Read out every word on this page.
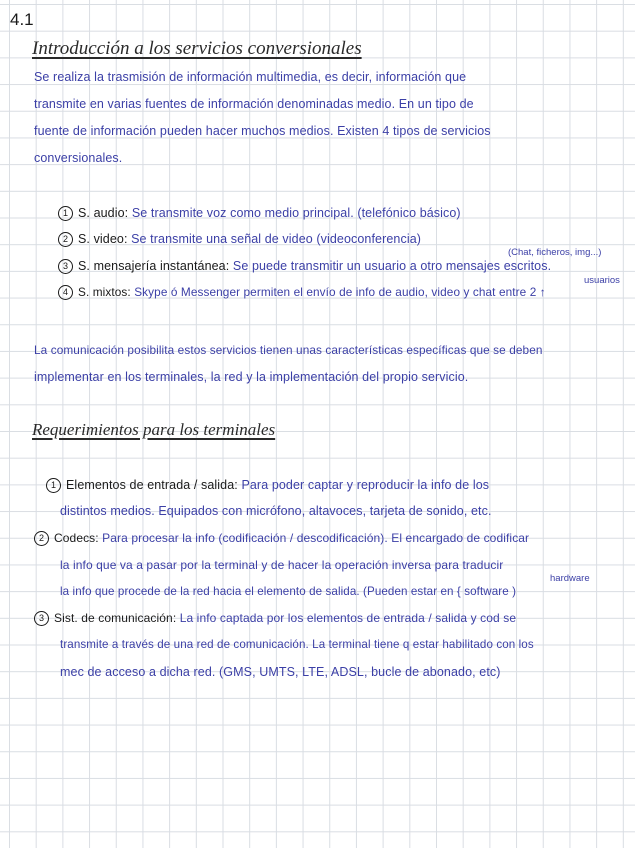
4.1
Introducción a los servicios conversionales
Se realiza la trasmisión de información multimedia, es decir, información que
transmite en varias fuentes de información denominadas medio. En un tipo de
fuente de información pueden hacer muchos medios. Existen 4 tipos de servicios
conversionales.
1 S. audio: Se transmite voz como medio principal. (telefónico básico)
2 S. video: Se transmite una señal de video (videoconferencia)
(Chat, ficheros, img...)
3 S. mensajería instantánea: Se puede transmitir un usuario a otro mensajes escritos.
usuarios
4 S. mixtos: Skype ó Messenger permiten el envío de info de audio, video y chat entre 2 ↑
La comunicación posibilita estos servicios tienen unas características específicas que se deben
implementar en los terminales, la red y la implementación del propio servicio.
Requerimientos para los terminales
1 Elementos de entrada / salida: Para poder captar y reproducir la info de los
distintos medios. Equipados con micrófono, altavoces, tarjeta de sonido, etc.
2 Codecs: Para procesar la info (codificación / descodificación). El encargado de codificar
la info que va a pasar por la terminal y de hacer la operación inversa para traducir
hardware
la info que procede de la red hacia el elemento de salida. (Pueden estar en { software )
3 Sist. de comunicación: La info captada por los elementos de entrada / salida y cod se
transmite a través de una red de comunicación. La terminal tiene q estar habilitado con los
mec de acceso a dicha red. (GMS, UMTS, LTE, ADSL, bucle de abonado, etc)
